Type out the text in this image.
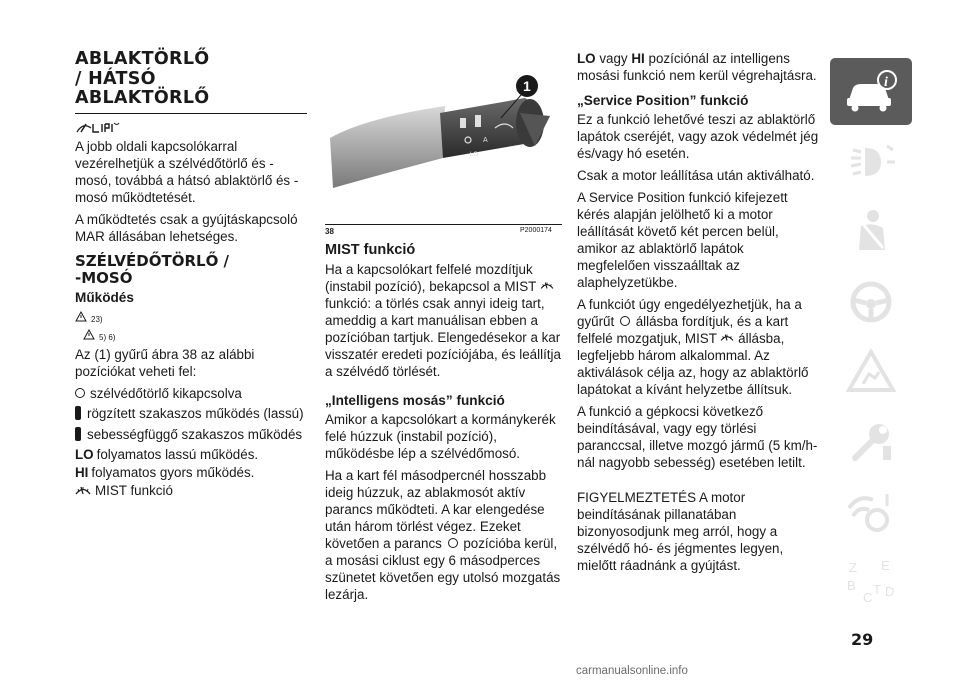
ABLAKTÖRLŐ
/ HÁTSÓ
ABLAKTÖRLŐ

A jobb oldali kapcsolókarral vezérelhetjük a szélvédőtörlő és -mosó, továbbá a hátsó ablaktörlő és -mosó működtetését.

A működtetés csak a gyújtáskapcsoló MAR állásában lehetséges.

SZÉLVÉDŐTÖRLŐ /
-MOSÓ
Működés
23)
5) 6)

Az (1) gyűrű ábra 38 az alábbi pozíciókat veheti fel:

szélvédőtörlő kikapcsolva
rögzített szakaszos működés (lassú)
sebességfüggő szakaszos működés
LO folyamatos lassú működés.
HI folyamatos gyors működés.
MIST funkció
LO
A
1
38	P2000174
MIST funkció

Ha a kapcsolókart felfelé mozdítjuk (instabil pozíció), bekapcsol a MIST  funkció: a törlés csak annyi ideig tart, ameddig a kart manuálisan ebben a pozícióban tartjuk. Elengedésekor a kar visszatér eredeti pozíciójába, és leállítja a szélvédő törlését.

„Intelligens mosás” funkció

Amikor a kapcsolókart a kormánykerék felé húzzuk (instabil pozíció), működésbe lép a szélvédőmosó.

Ha a kart fél másodpercnél hosszabb ideig húzzuk, az ablakmosót aktív parancs működteti. A kar elengedése után három törlést végez. Ezeket követően a parancs pozícióba kerül, a mosási ciklust egy 6 másodperces szünetet követően egy utolsó mozgatás lezárja.

LO vagy HI pozíciónál az intelligens mosási funkció nem kerül végrehajtásra.

„Service Position” funkció

Ez a funkció lehetővé teszi az ablaktörlő lapátok cseréjét, vagy azok védelmét jég és/vagy hó esetén.

Csak a motor leállítása után aktiválható.

A Service Position funkció kifejezett kérés alapján jelölhető ki a motor leállítását követő két percen belül, amikor az ablaktörlő lapátok megfelelően visszaálltak az alaphelyzetükbe.

A funkciót úgy engedélyezhetjük, ha a gyűrűt állásba fordítjuk, és a kart felfelé mozgatjuk, MIST állásba, legfeljebb három alkalommal. Az aktiválások célja az, hogy az ablaktörlő lapátokat a kívánt helyzetbe állítsuk.

A funkció a gépkocsi következő beindításával, vagy egy törlési paranccsal, illetve mozgó jármű (5 km/h-nál nagyobb sebesség) esetében letilt.

FIGYELMEZTETÉS A motor beindításának pillanatában bizonyosodjunk meg arról, hogy a szélvédő hó- és jégmentes legyen, mielőtt ráadnánk a gyújtást.

i
Z E
B
C
T D
29
carmanualsonline.info
